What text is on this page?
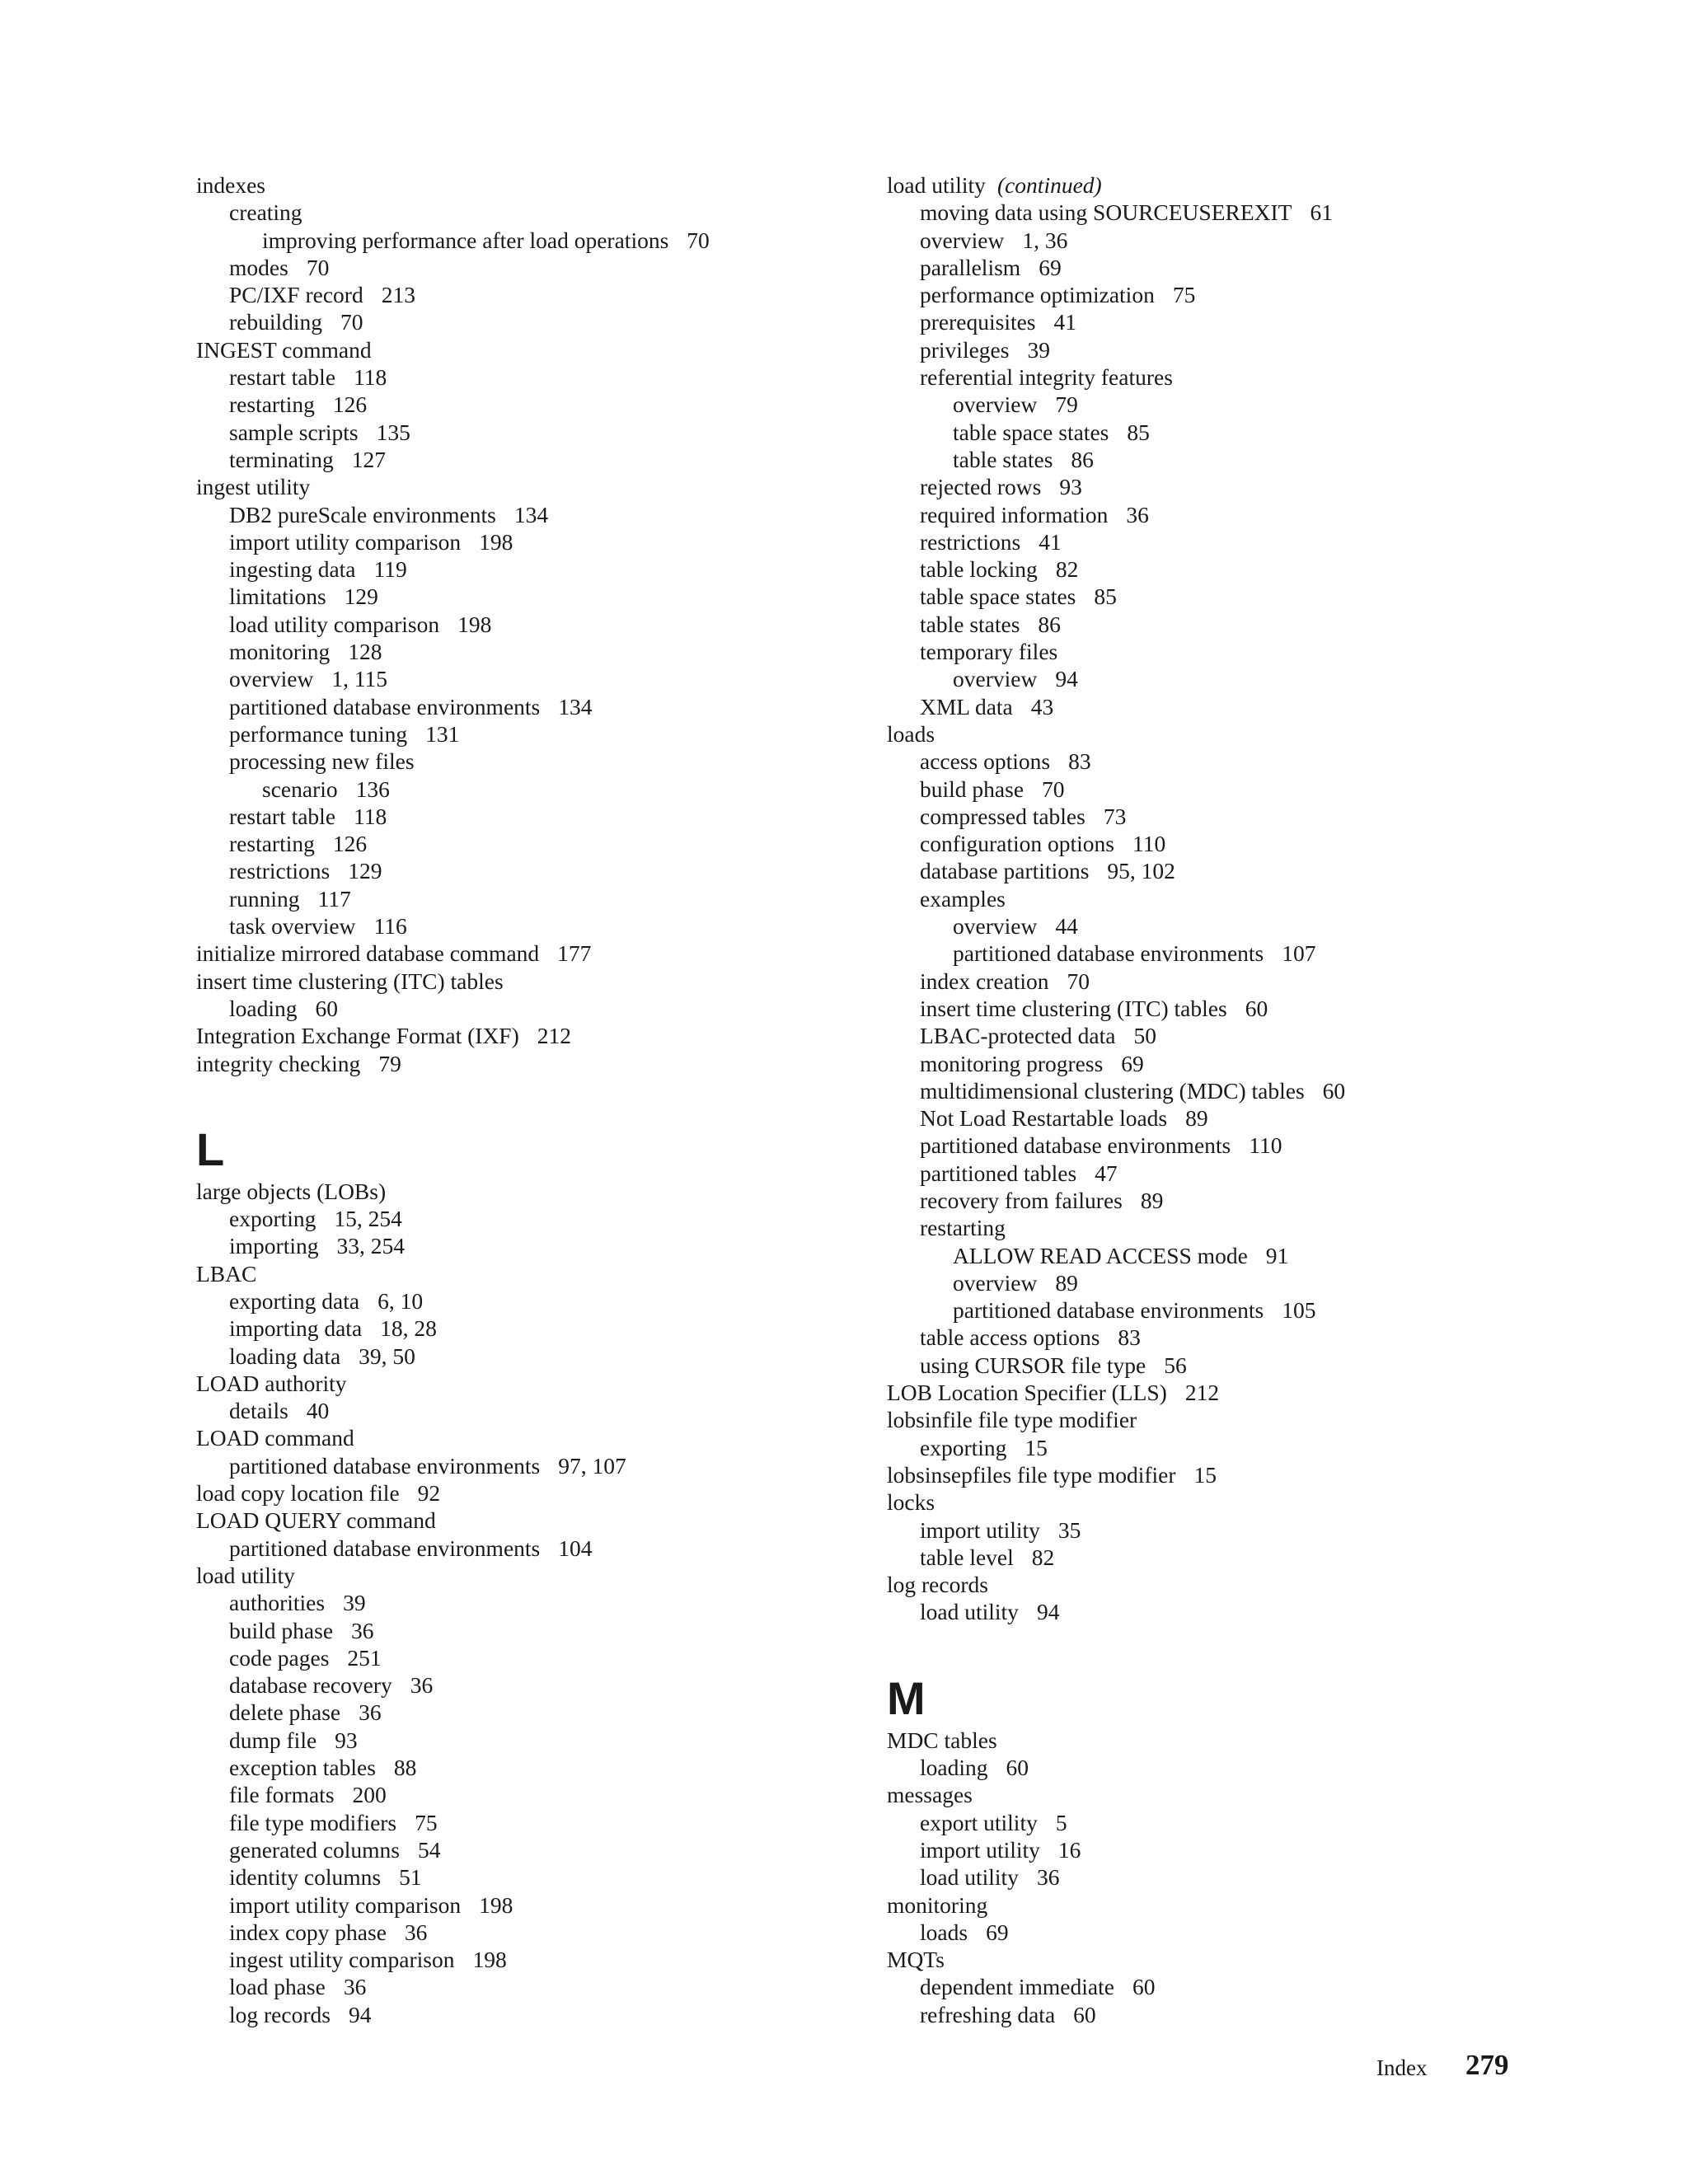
indexes
creating
improving performance after load operations 70
modes 70
PC/IXF record 213
rebuilding 70
INGEST command
restart table 118
restarting 126
sample scripts 135
terminating 127
ingest utility
DB2 pureScale environments 134
import utility comparison 198
ingesting data 119
limitations 129
load utility comparison 198
monitoring 128
overview 1, 115
partitioned database environments 134
performance tuning 131
processing new files
scenario 136
restart table 118
restarting 126
restrictions 129
running 117
task overview 116
initialize mirrored database command 177
insert time clustering (ITC) tables
loading 60
Integration Exchange Format (IXF) 212
integrity checking 79
L
large objects (LOBs)
exporting 15, 254
importing 33, 254
LBAC
exporting data 6, 10
importing data 18, 28
loading data 39, 50
LOAD authority
details 40
LOAD command
partitioned database environments 97, 107
load copy location file 92
LOAD QUERY command
partitioned database environments 104
load utility
authorities 39
build phase 36
code pages 251
database recovery 36
delete phase 36
dump file 93
exception tables 88
file formats 200
file type modifiers 75
generated columns 54
identity columns 51
import utility comparison 198
index copy phase 36
ingest utility comparison 198
load phase 36
log records 94
load utility (continued)
moving data using SOURCEUSEREXIT 61
overview 1, 36
parallelism 69
performance optimization 75
prerequisites 41
privileges 39
referential integrity features
overview 79
table space states 85
table states 86
rejected rows 93
required information 36
restrictions 41
table locking 82
table space states 85
table states 86
temporary files
overview 94
XML data 43
loads
access options 83
build phase 70
compressed tables 73
configuration options 110
database partitions 95, 102
examples
overview 44
partitioned database environments 107
index creation 70
insert time clustering (ITC) tables 60
LBAC-protected data 50
monitoring progress 69
multidimensional clustering (MDC) tables 60
Not Load Restartable loads 89
partitioned database environments 110
partitioned tables 47
recovery from failures 89
restarting
ALLOW READ ACCESS mode 91
overview 89
partitioned database environments 105
table access options 83
using CURSOR file type 56
LOB Location Specifier (LLS) 212
lobsinfile file type modifier
exporting 15
lobsinsepfiles file type modifier 15
locks
import utility 35
table level 82
log records
load utility 94
M
MDC tables
loading 60
messages
export utility 5
import utility 16
load utility 36
monitoring
loads 69
MQTs
dependent immediate 60
refreshing data 60
Index 279
